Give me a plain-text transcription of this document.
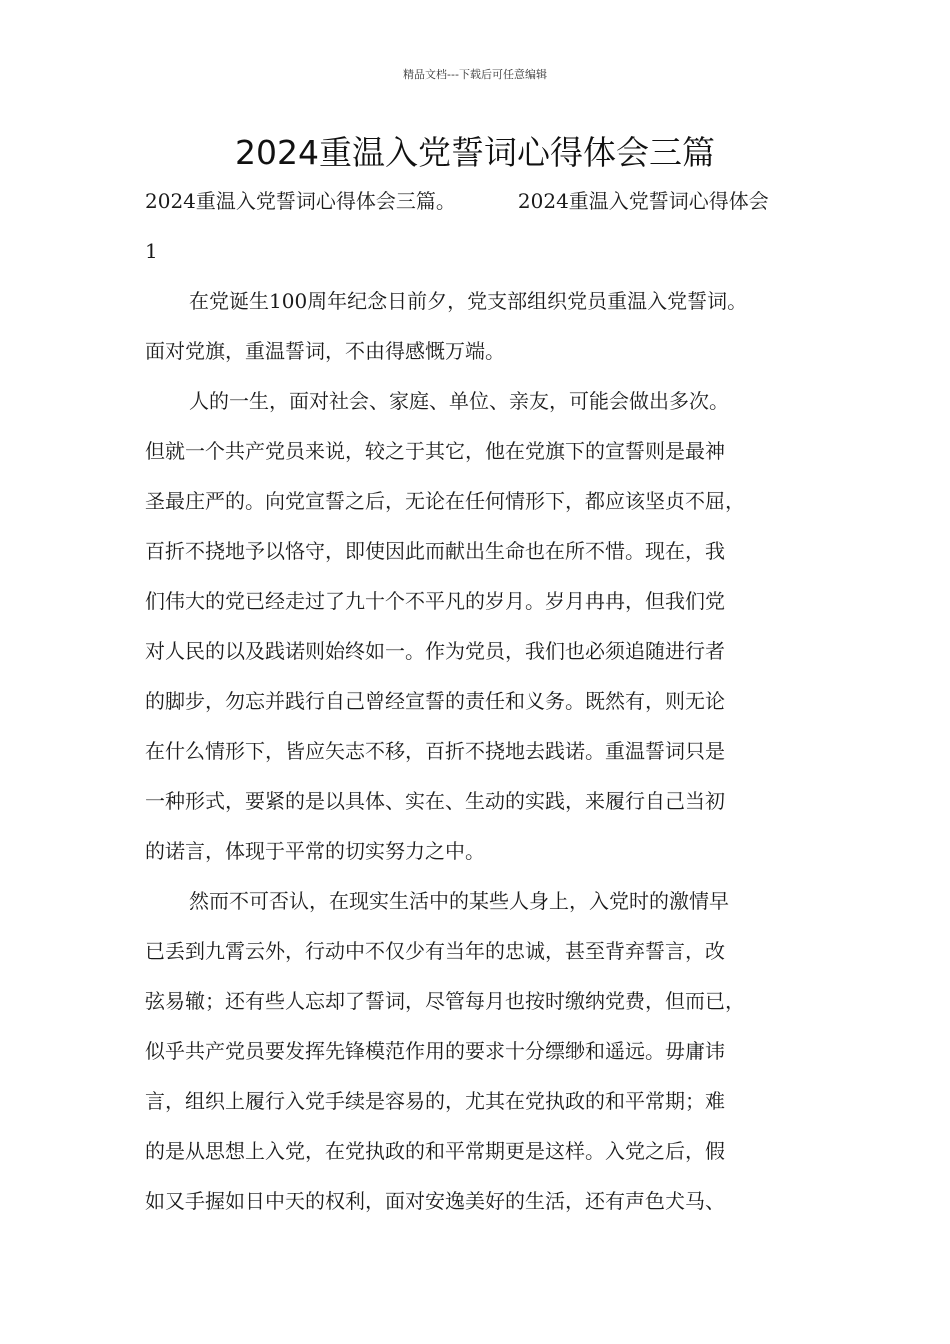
精品文档---下载后可任意编辑
2024重温入党誓词心得体会三篇
2024重温入党誓词心得体会三篇。	2024重温入党誓词心得体会
1
在党诞生100周年纪念日前夕，党支部组织党员重温入党誓词。
面对党旗，重温誓词，不由得感慨万端。
人的一生，面对社会、家庭、单位、亲友，可能会做出多次。
但就一个共产党员来说，较之于其它，他在党旗下的宣誓则是最神
圣最庄严的。向党宣誓之后，无论在任何情形下，都应该坚贞不屈，
百折不挠地予以恪守，即使因此而献出生命也在所不惜。现在，我
们伟大的党已经走过了九十个不平凡的岁月。岁月冉冉，但我们党
对人民的以及践诺则始终如一。作为党员，我们也必须追随进行者
的脚步，勿忘并践行自己曾经宣誓的责任和义务。既然有，则无论
在什么情形下，皆应矢志不移，百折不挠地去践诺。重温誓词只是
一种形式，要紧的是以具体、实在、生动的实践，来履行自己当初
的诺言，体现于平常的切实努力之中。
然而不可否认，在现实生活中的某些人身上，入党时的激情早
已丢到九霄云外，行动中不仅少有当年的忠诚，甚至背弃誓言，改
弦易辙；还有些人忘却了誓词，尽管每月也按时缴纳党费，但而已，
似乎共产党员要发挥先锋模范作用的要求十分缥缈和遥远。毋庸讳
言，组织上履行入党手续是容易的，尤其在党执政的和平常期；难
的是从思想上入党，在党执政的和平常期更是这样。入党之后，假
如又手握如日中天的权利，面对安逸美好的生活，还有声色犬马、
